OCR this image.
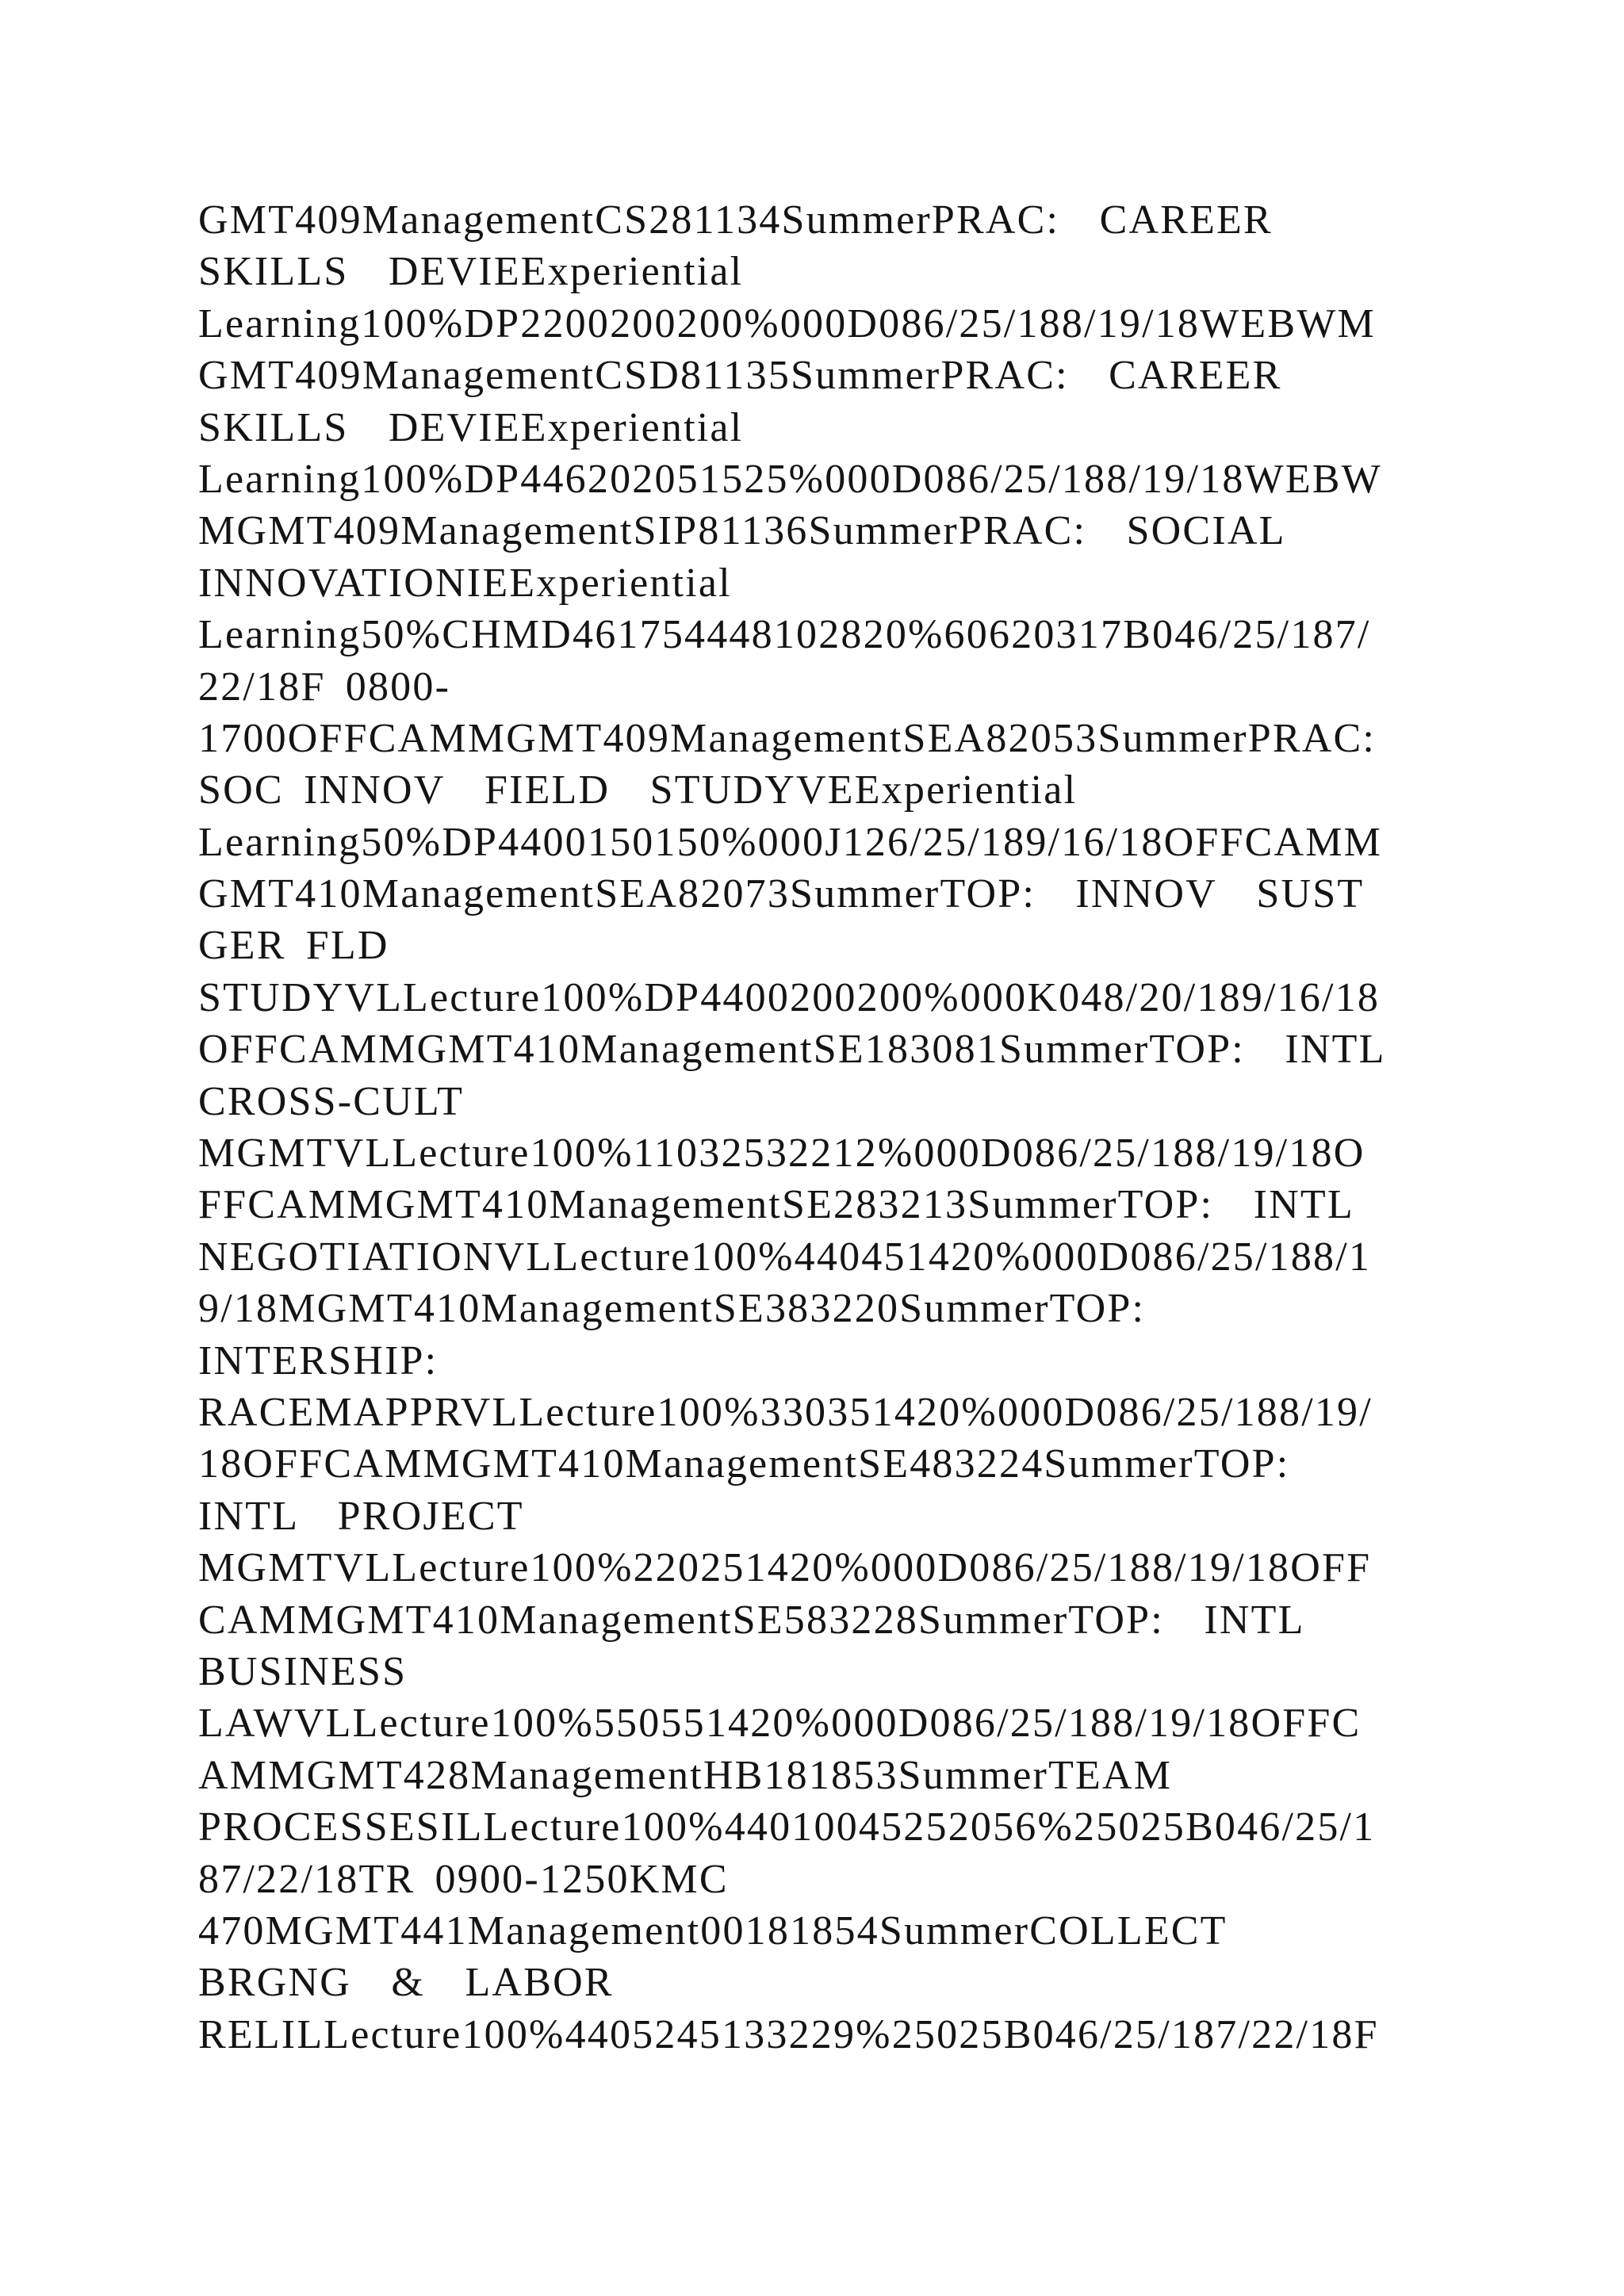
GMT409ManagementCS281134SummerPRAC:  CAREER
SKILLS  DEVIEExperiential
Learning100%DP2200200200%000D086/25/188/19/18WEBWM
GMT409ManagementCSD81135SummerPRAC:  CAREER
SKILLS  DEVIEExperiential
Learning100%DP446202051525%000D086/25/188/19/18WEBW
MGMT409ManagementSIP81136SummerPRAC:  SOCIAL
INNOVATIONIEExperiential
Learning50%CHMD461754448102820%60620317B046/25/187/
22/18F 0800-
1700OFFCAMMGMT409ManagementSEA82053SummerPRAC:
SOC INNOV  FIELD  STUDYVEExperiential
Learning50%DP4400150150%000J126/25/189/16/18OFFCAMM
GMT410ManagementSEA82073SummerTOP:  INNOV  SUST
GER FLD
STUDYVLLecture100%DP4400200200%000K048/20/189/16/18
OFFCAMMGMT410ManagementSE183081SummerTOP:  INTL
CROSS-CULT
MGMTVLLecture100%11032532212%000D086/25/188/19/18O
FFCAMMGMT410ManagementSE283213SummerTOP:  INTL
NEGOTIATIONVLLecture100%440451420%000D086/25/188/1
9/18MGMT410ManagementSE383220SummerTOP:
INTERSHIP:
RACEMAPPRVLLecture100%330351420%000D086/25/188/19/
18OFFCAMMGMT410ManagementSE483224SummerTOP:
INTL  PROJECT
MGMTVLLecture100%220251420%000D086/25/188/19/18OFF
CAMMGMT410ManagementSE583228SummerTOP:  INTL
BUSINESS
LAWVLLecture100%550551420%000D086/25/188/19/18OFFC
AMMGMT428ManagementHB181853SummerTEAM
PROCESSESILLecture100%44010045252056%25025B046/25/1
87/22/18TR 0900-1250KMC
470MGMT441Management00181854SummerCOLLECT
BRGNG  &  LABOR
RELILLecture100%4405245133229%25025B046/25/187/22/18F
